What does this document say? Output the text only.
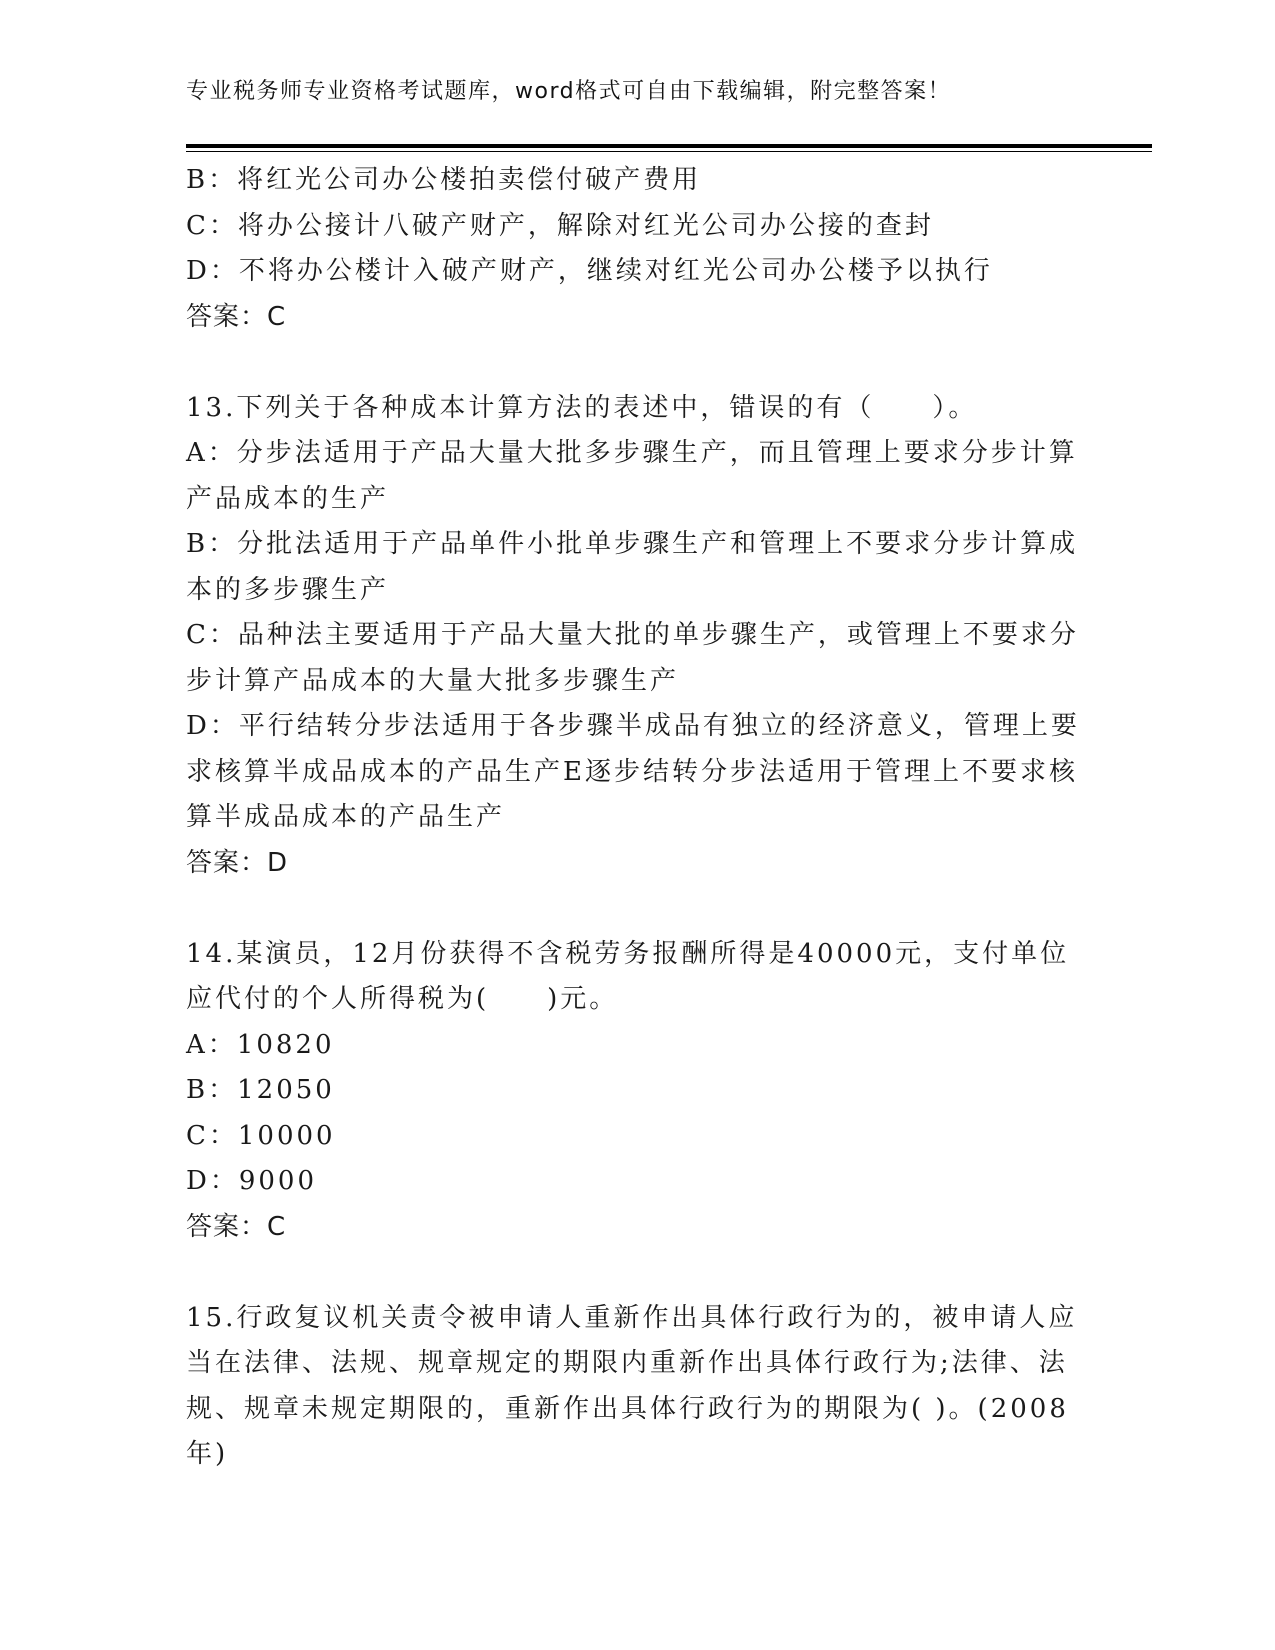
专业税务师专业资格考试题库，word格式可自由下载编辑，附完整答案！
B：将红光公司办公楼拍卖偿付破产费用
C：将办公接计八破产财产，解除对红光公司办公接的查封
D：不将办公楼计入破产财产，继续对红光公司办公楼予以执行
答案：C
13.下列关于各种成本计算方法的表述中，错误的有（　　）。
A：分步法适用于产品大量大批多步骤生产，而且管理上要求分步计算产品成本的生产
B：分批法适用于产品单件小批单步骤生产和管理上不要求分步计算成本的多步骤生产
C：品种法主要适用于产品大量大批的单步骤生产，或管理上不要求分步计算产品成本的大量大批多步骤生产
D：平行结转分步法适用于各步骤半成品有独立的经济意义，管理上要求核算半成品成本的产品生产E逐步结转分步法适用于管理上不要求核算半成品成本的产品生产
答案：D
14.某演员，12月份获得不含税劳务报酬所得是40000元，支付单位应代付的个人所得税为(　　)元。
A：10820
B：12050
C：10000
D：9000
答案：C
15.行政复议机关责令被申请人重新作出具体行政行为的，被申请人应当在法律、法规、规章规定的期限内重新作出具体行政行为;法律、法规、规章未规定期限的，重新作出具体行政行为的期限为( )。(2008年)
